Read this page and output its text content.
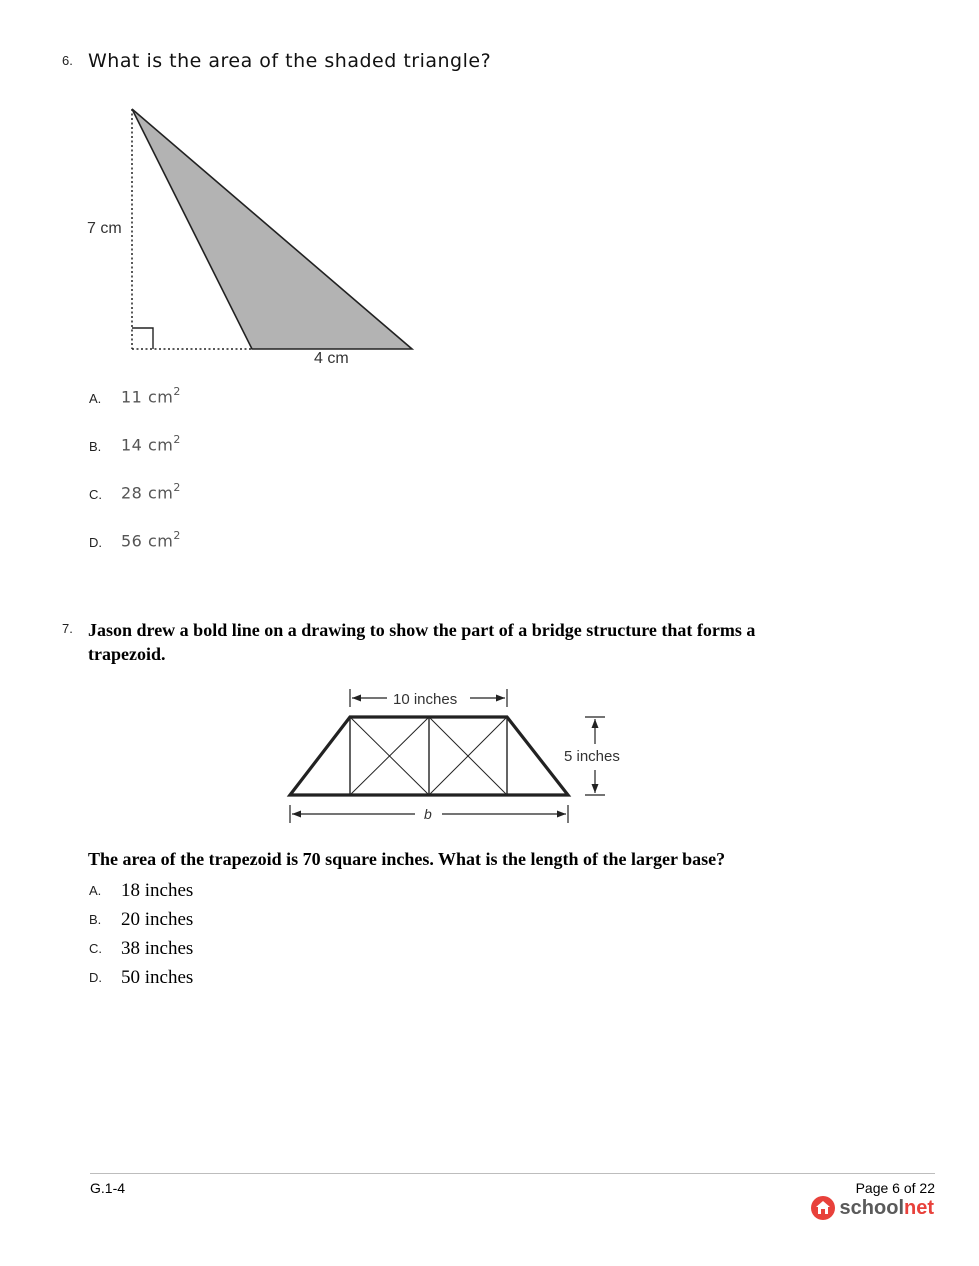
6. What is the area of the shaded triangle?
7 cm
4 cm
A. 11 $cm^2$
B. 14 $cm^2$
C. 28 $cm^2$
D. 56 $cm^2$
7. Jason drew a bold line on a drawing to show the part of a bridge structure that forms a
trapezoid.
10 inches
5 inches
b
The area of the trapezoid is 70 square inches. What is the length of the larger base?
A. 18 inches
B. 20 inches
C. 38 inches
D. 50 inches
G.1-4	Page 6 of 22
school net
